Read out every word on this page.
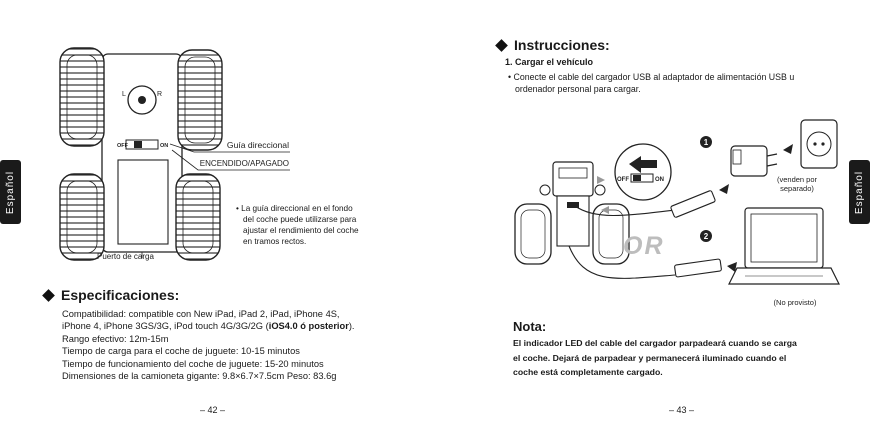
Español
L	R
OFF	ON	Guía direccional
ENCENDIDO/APAGADO
Puerto de carga
• La guía direccional en el fondo
del coche puede utilizarse para
ajustar el rendimiento del coche
en tramos rectos.
Especificaciones:
Compatibilidad: compatible con New iPad, iPad 2, iPad, iPhone 4S,
iPhone 4, iPhone 3GS/3G, iPod touch 4G/3G/2G (iOS4.0 ó posterior).
Rango efectivo: 12m-15m
Tiempo de carga para el coche de juguete: 10-15 minutos
Tiempo de funcionamiento del coche de juguete: 15-20 minutos
Dimensiones de la camioneta gigante: 9.8×6.7×7.5cm Peso: 83.6g
– 42 –
Español
Instrucciones:
1. Cargar el vehículo
• Conecte el cable del cargador USB al adaptador de alimentación USB u
ordenador personal para cargar.
OFF	ON
OR
1
(venden por
separado)
2
(No provisto)
Nota:
El indicador LED del cable del cargador parpadeará cuando se carga
el coche. Dejará de parpadear y permanecerá iluminado cuando el
coche está completamente cargado.
– 43 –
